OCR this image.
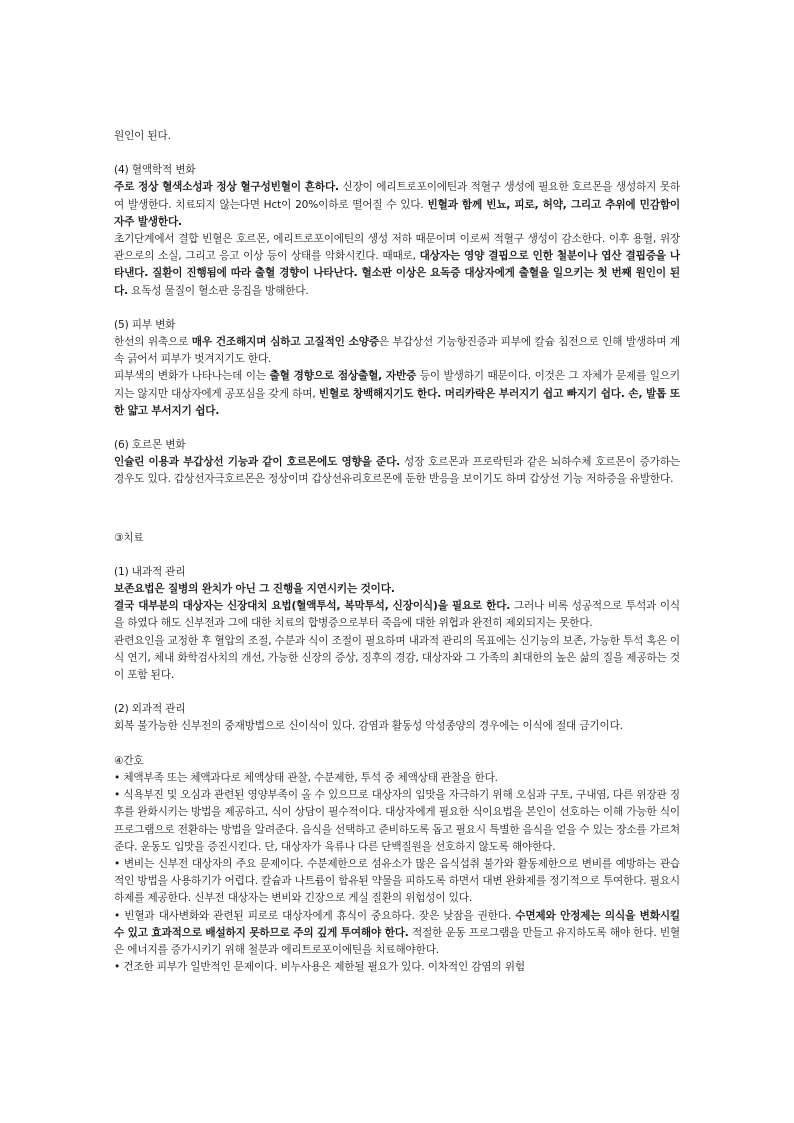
원인이 된다.

(4) 혈액학적 변화

주로 정상 혈색소성과 정상 혈구성빈혈이 흔하다. 신장이 에리트로포이에틴과 적혈구 생성에 필요한 호르몬을 생성하지 못하여 발생한다. 치료되지 않는다면 Hct이 20%이하로 떨어질 수 있다. 빈혈과 함께 빈뇨, 피로, 허약, 그리고 추위에 민감함이 자주 발생한다.

초기단계에서 결합 빈혈은 호르몬, 에리트로포이에틴의 생성 저하 때문이며 이로써 적혈구 생성이 감소한다. 이후 용혈, 위장관으로의 소실, 그리고 응고 이상 등이 상태를 악화시킨다. 때때로, 대상자는 영양 결핍으로 인한 철분이나 엽산 결핍증을 나타낸다. 질환이 진행됨에 따라 출혈 경향이 나타난다. 혈소판 이상은 요독증 대상자에게 출혈을 일으키는 첫 번째 원인이 된다. 요독성 물질이 혈소판 응집을 방해한다.

(5) 피부 변화

한선의 위축으로 매우 건조해지며 심하고 고질적인 소양증은 부갑상선 기능항진증과 피부에 칼슘 침전으로 인해 발생하며 계속 긁어서 피부가 벗겨지기도 한다.

피부색의 변화가 나타나는데 이는 출혈 경향으로 점상출혈, 자반증 등이 발생하기 때문이다. 이것은 그 자체가 문제를 일으키지는 않지만 대상자에게 공포심을 갖게 하며, 빈혈로 창백해지기도 한다. 머리카락은 부러지기 쉽고 빠지기 쉽다. 손, 발톱 또한 얇고 부서지기 쉽다.

(6) 호르몬 변화

인슐린 이용과 부갑상선 기능과 같이 호르몬에도 영향을 준다. 성장 호르몬과 프로락틴과 같은 뇌하수체 호르몬이 증가하는 경우도 있다. 갑상선자극호르몬은 정상이며 갑상선유리호르몬에 둔한 반응을 보이기도 하며 갑상선 기능 저하증을 유발한다.

③치료

(1) 내과적 관리

보존요법은 질병의 완치가 아닌 그 진행을 지연시키는 것이다.

결국 대부분의 대상자는 신장대치 요법(혈액투석, 복막투석, 신장이식)을 필요로 한다. 그러나 비록 성공적으로 투석과 이식을 하였다 해도 신부전과 그에 대한 치료의 합병증으로부터 죽음에 대한 위협과 완전히 제외되지는 못한다.

관련요인을 교정한 후 혈압의 조절, 수분과 식이 조절이 필요하며 내과적 관리의 목표에는 신기능의 보존, 가능한 투석 혹은 이식 연기, 체내 화학검사치의 개선, 가능한 신장의 증상, 징후의 경감, 대상자와 그 가족의 최대한의 높은 삶의 질을 제공하는 것이 포함 된다.

(2) 외과적 관리

회복 불가능한 신부전의 중재방법으로 신이식이 있다. 감염과 활동성 악성종양의 경우에는 이식에 절대 금기이다.

④간호

• 체액부족 또는 체액과다로 체액상태 관찰, 수분제한, 투석 중 체액상태 관찰을 한다.

• 식욕부진 및 오심과 관련된 영양부족이 올 수 있으므로 대상자의 입맛을 자극하기 위해 오심과 구토, 구내염, 다른 위장관 징후를 완화시키는 방법을 제공하고, 식이 상담이 필수적이다. 대상자에게 필요한 식이요법을 본인이 선호하는 이해 가능한 식이 프로그램으로 전환하는 방법을 알려준다. 음식을 선택하고 준비하도록 돕고 필요시 특별한 음식을 얻을 수 있는 장소를 가르쳐 준다. 운동도 입맛을 증진시킨다. 단, 대상자가 육류나 다른 단백질원을 선호하지 않도록 해야한다.

• 변비는 신부전 대상자의 주요 문제이다. 수분제한으로 섬유소가 많은 음식섭취 불가와 활동제한으로 변비를 예방하는 관습적인 방법을 사용하기가 어렵다. 칼슘과 나트륨이 함유된 약물을 피하도록 하면서 대변 완화제를 정기적으로 투여한다. 필요시 하제를 제공한다. 신부전 대상자는 변비와 긴장으로 게실 질환의 위험성이 있다.

• 빈혈과 대사변화와 관련된 피로로 대상자에게 휴식이 중요하다. 잦은 낮잠을 권한다. 수면제와 안정제는 의식을 변화시킬 수 있고 효과적으로 배설하지 못하므로 주의 깊게 투여해야 한다. 적절한 운동 프로그램을 만들고 유지하도록 해야 한다. 빈혈은 에너지를 증가시키기 위해 철분과 에리트로포이에틴을 치료해야한다.

• 건조한 피부가 일반적인 문제이다. 비누사용은 제한될 필요가 있다. 이차적인 감염의 위험
